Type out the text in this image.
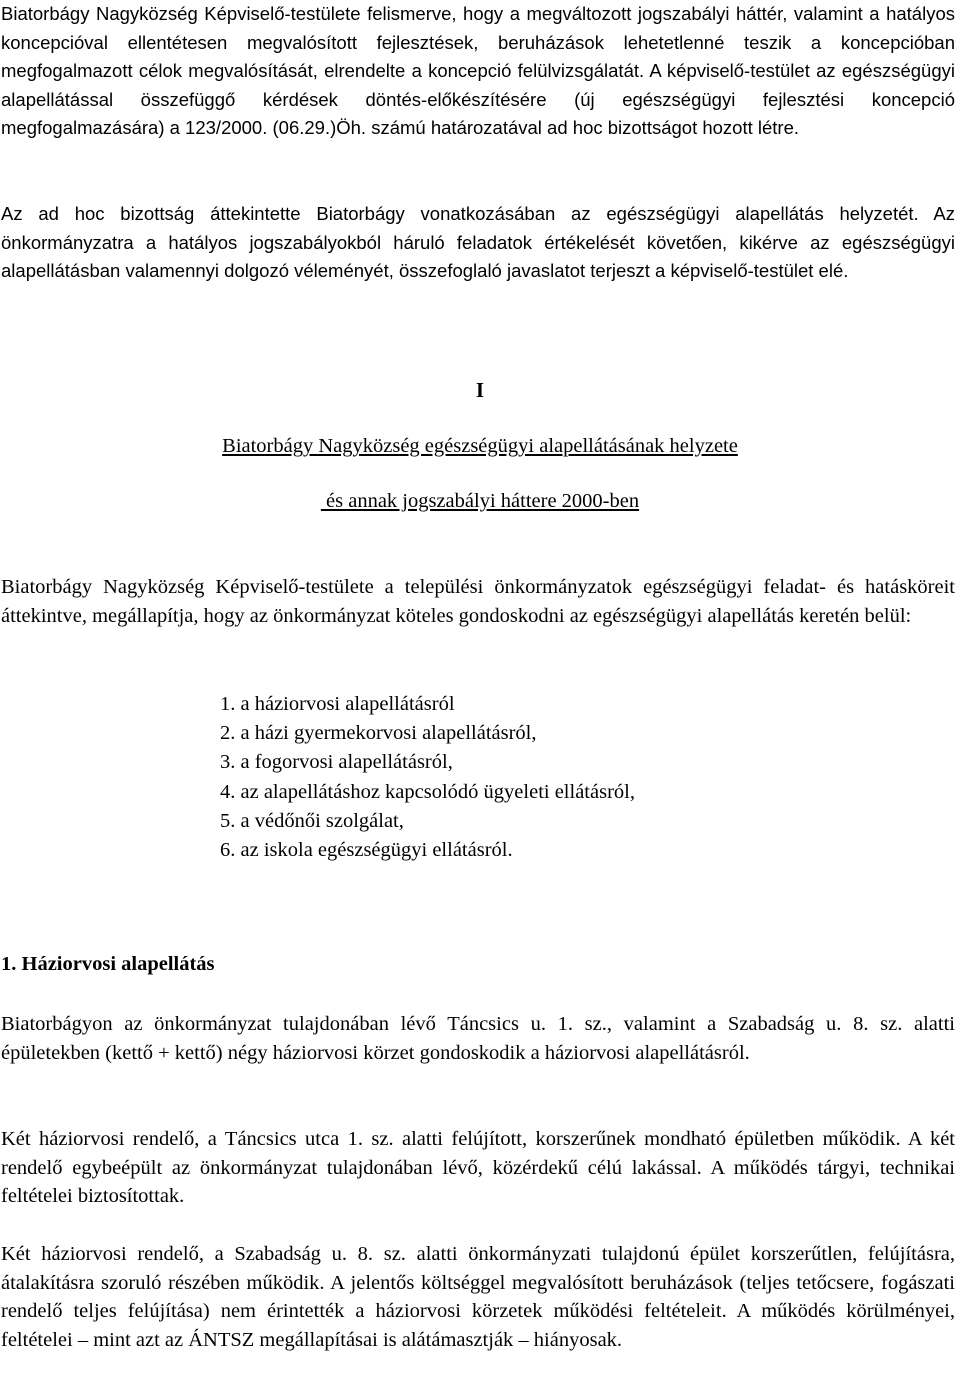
Biatorbágy Nagyközség Képviselő-testülete felismerve, hogy a megváltozott jogszabályi háttér, valamint a hatályos koncepcióval ellentétesen megvalósított fejlesztések, beruházások lehetetlenné teszik a koncepcióban megfogalmazott célok megvalósítását, elrendelte a koncepció felülvizsgálatát. A képviselő-testület az egészségügyi alapellátással összefüggő kérdések döntés-előkészítésére (új egészségügyi fejlesztési koncepció megfogalmazására) a 123/2000. (06.29.)Öh. számú határozatával ad hoc bizottságot hozott létre.

Az ad hoc bizottság áttekintette Biatorbágy vonatkozásában az egészségügyi alapellátás helyzetét. Az önkormányzatra a hatályos jogszabályokból háruló feladatok értékelését követően, kikérve az egészségügyi alapellátásban valamennyi dolgozó véleményét, összefoglaló javaslatot terjeszt a képviselő-testület elé.

I

Biatorbágy Nagyközség egészségügyi alapellátásának helyzete

és annak jogszabályi háttere 2000-ben

Biatorbágy Nagyközség Képviselő-testülete a települési önkormányzatok egészségügyi feladat- és hatásköreit áttekintve, megállapítja, hogy az önkormányzat köteles gondoskodni az egészségügyi alapellátás keretén belül:

1. a háziorvosi alapellátásról
2. a házi gyermekorvosi alapellátásról,
3. a fogorvosi alapellátásról,
4. az alapellátáshoz kapcsolódó ügyeleti ellátásról,
5. a védőnői szolgálat,
6. az iskola egészségügyi ellátásról.

1. Háziorvosi alapellátás

Biatorbágyon az önkormányzat tulajdonában lévő Táncsics u. 1. sz., valamint a Szabadság u. 8. sz. alatti épületekben (kettő + kettő) négy háziorvosi körzet gondoskodik a háziorvosi alapellátásról.

Két háziorvosi rendelő, a Táncsics utca 1. sz. alatti felújított, korszerűnek mondható épületben működik. A két rendelő egybeépült az önkormányzat tulajdonában lévő, közérdekű célú lakással. A működés tárgyi, technikai feltételei biztosítottak.

Két háziorvosi rendelő, a Szabadság u. 8. sz. alatti önkormányzati tulajdonú épület korszerűtlen, felújításra, átalakításra szoruló részében működik. A jelentős költséggel megvalósított beruházások (teljes tetőcsere, fogászati rendelő teljes felújítása) nem érintették a háziorvosi körzetek működési feltételeit. A működés körülményei, feltételei – mint azt az ÁNTSZ megállapításai is alátámasztják – hiányosak.
